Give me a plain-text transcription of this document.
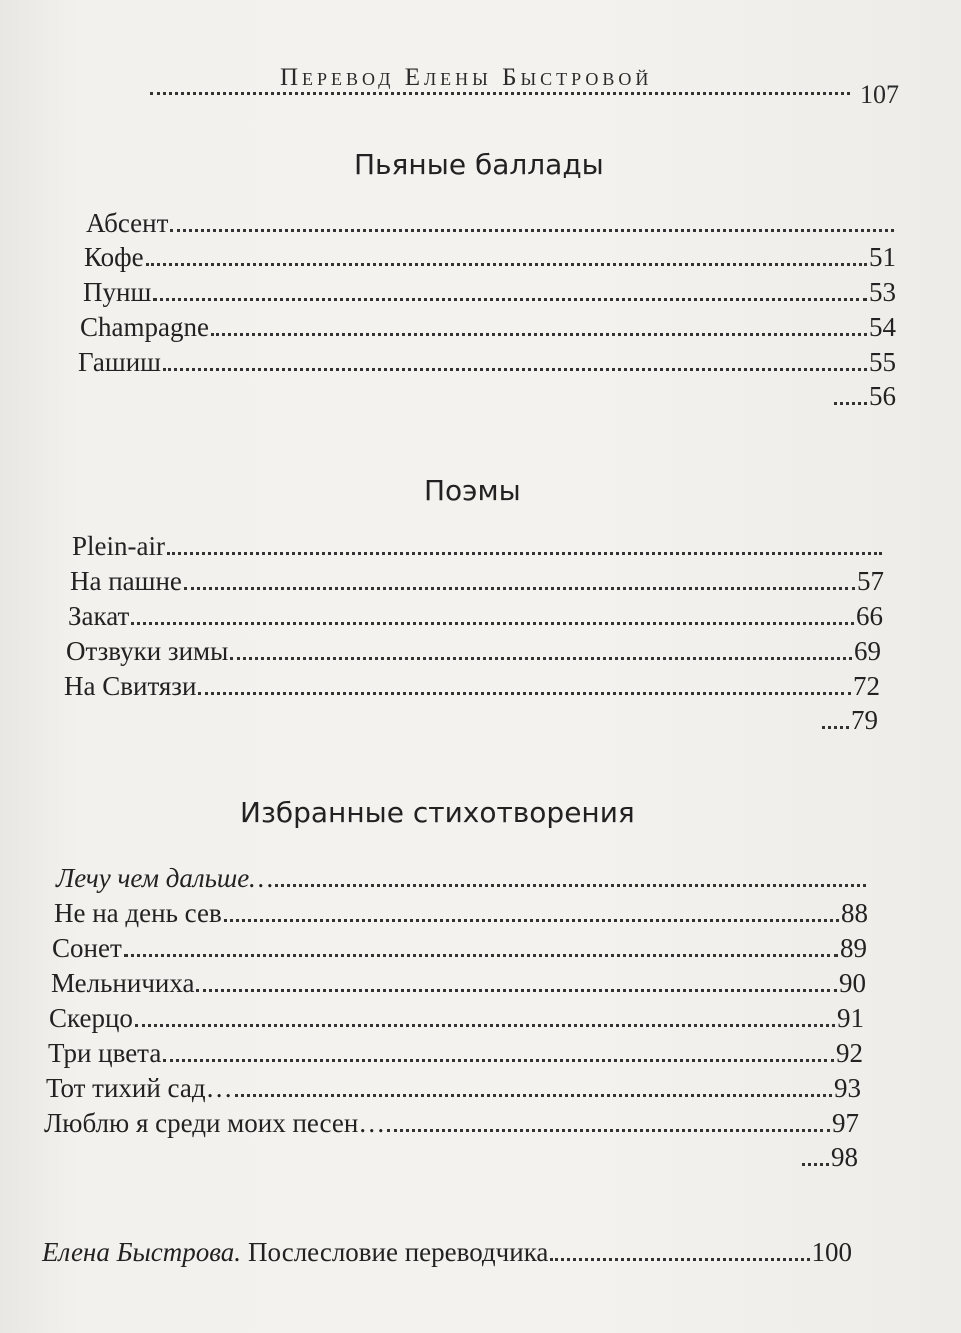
Перевод Елены Быстровой
107
Пьяные баллады
Абсент
Кофе	51
Пунш	53
Champagne	54
Гашиш	55
56
Поэмы
Plein-air
На пашне	57
Закат	66
Отзвуки зимы	69
На Свитязи	72
79
Избранные стихотворения
Лечу чем дальше…
Не на день сев	88
Сонет	89
Мельничиха	90
Скерцо	91
Три цвета	92
Тот тихий сад…	93
Люблю я среди моих песен…	97
98
Елена Быстрова. Послесловие переводчика	100
